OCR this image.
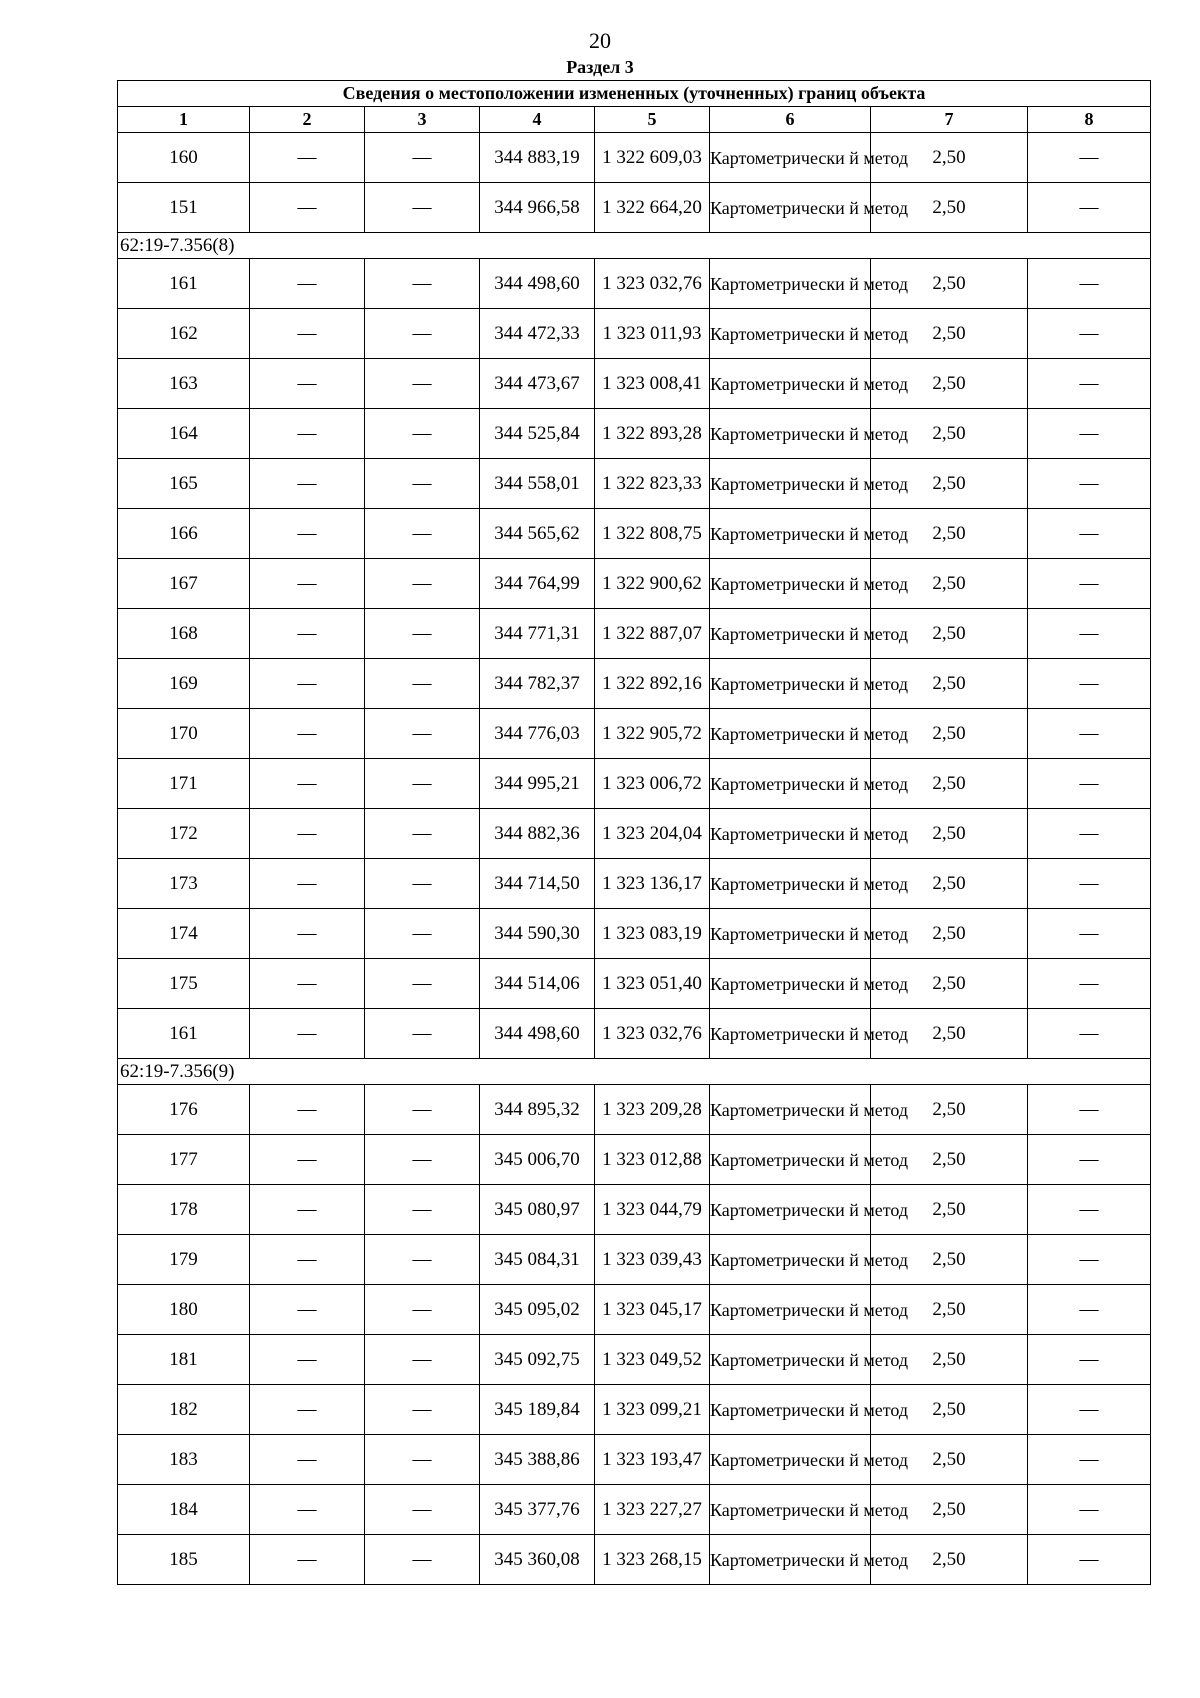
20
Раздел 3
Сведения о местоположении измененных (уточненных) границ объекта							
1	2	3	4	5	6	7	8
160	—	—	344 883,19	1 322 609,03	Картометрически й метод	2,50	—
151	—	—	344 966,58	1 322 664,20	Картометрически й метод	2,50	—
62:19-7.356(8)							
161	—	—	344 498,60	1 323 032,76	Картометрически й метод	2,50	—
162	—	—	344 472,33	1 323 011,93	Картометрически й метод	2,50	—
163	—	—	344 473,67	1 323 008,41	Картометрически й метод	2,50	—
164	—	—	344 525,84	1 322 893,28	Картометрически й метод	2,50	—
165	—	—	344 558,01	1 322 823,33	Картометрически й метод	2,50	—
166	—	—	344 565,62	1 322 808,75	Картометрически й метод	2,50	—
167	—	—	344 764,99	1 322 900,62	Картометрически й метод	2,50	—
168	—	—	344 771,31	1 322 887,07	Картометрически й метод	2,50	—
169	—	—	344 782,37	1 322 892,16	Картометрически й метод	2,50	—
170	—	—	344 776,03	1 322 905,72	Картометрически й метод	2,50	—
171	—	—	344 995,21	1 323 006,72	Картометрически й метод	2,50	—
172	—	—	344 882,36	1 323 204,04	Картометрически й метод	2,50	—
173	—	—	344 714,50	1 323 136,17	Картометрически й метод	2,50	—
174	—	—	344 590,30	1 323 083,19	Картометрически й метод	2,50	—
175	—	—	344 514,06	1 323 051,40	Картометрически й метод	2,50	—
161	—	—	344 498,60	1 323 032,76	Картометрически й метод	2,50	—
62:19-7.356(9)							
176	—	—	344 895,32	1 323 209,28	Картометрически й метод	2,50	—
177	—	—	345 006,70	1 323 012,88	Картометрически й метод	2,50	—
178	—	—	345 080,97	1 323 044,79	Картометрически й метод	2,50	—
179	—	—	345 084,31	1 323 039,43	Картометрически й метод	2,50	—
180	—	—	345 095,02	1 323 045,17	Картометрически й метод	2,50	—
181	—	—	345 092,75	1 323 049,52	Картометрически й метод	2,50	—
182	—	—	345 189,84	1 323 099,21	Картометрически й метод	2,50	—
183	—	—	345 388,86	1 323 193,47	Картометрически й метод	2,50	—
184	—	—	345 377,76	1 323 227,27	Картометрически й метод	2,50	—
185	—	—	345 360,08	1 323 268,15	Картометрически й метод	2,50	—
